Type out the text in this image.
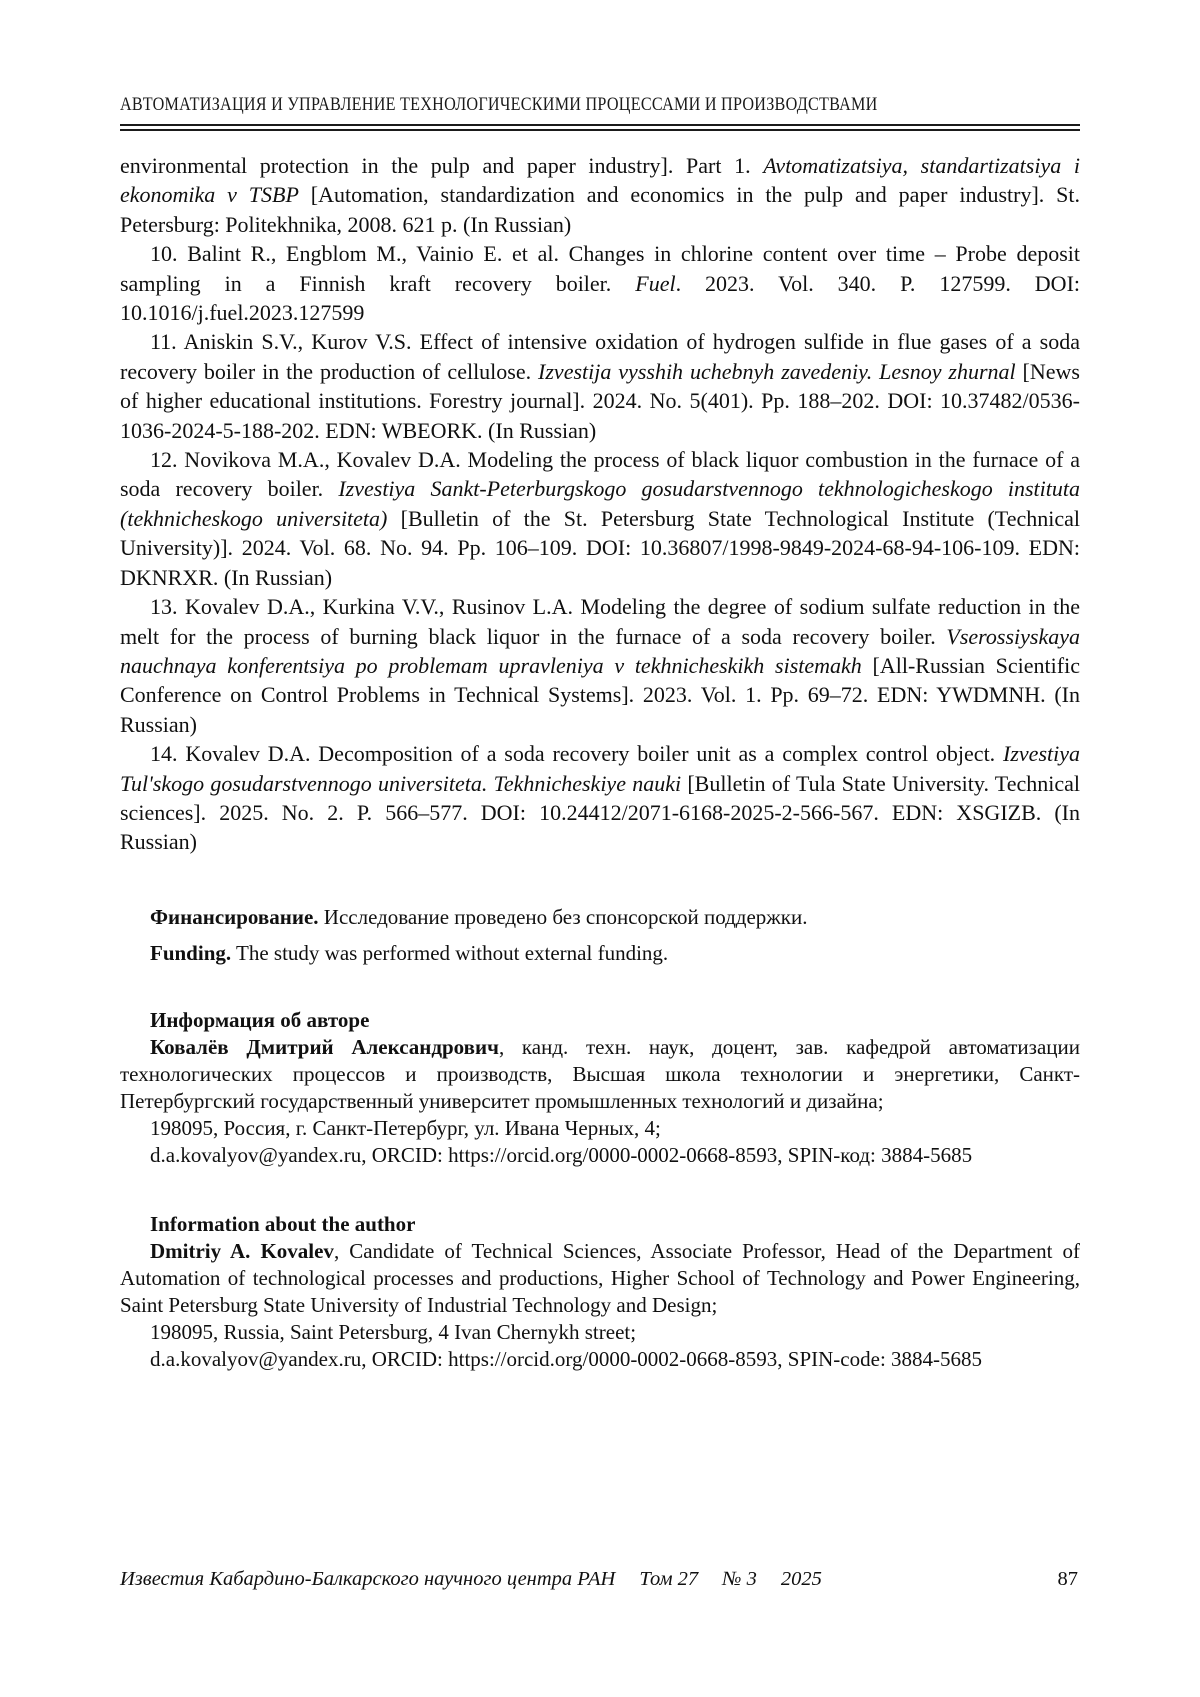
АВТОМАТИЗАЦИЯ И УПРАВЛЕНИЕ ТЕХНОЛОГИЧЕСКИМИ ПРОЦЕССАМИ И ПРОИЗВОДСТВАМИ

environmental protection in the pulp and paper industry]. Part 1. Avtomatizatsiya, standartizatsiya i ekonomika v TSBP [Automation, standardization and economics in the pulp and paper industry]. St. Petersburg: Politekhnika, 2008. 621 p. (In Russian)

10. Balint R., Engblom M., Vainio E. et al. Changes in chlorine content over time – Probe deposit sampling in a Finnish kraft recovery boiler. Fuel. 2023. Vol. 340. P. 127599. DOI: 10.1016/j.fuel.2023.127599

11. Aniskin S.V., Kurov V.S. Effect of intensive oxidation of hydrogen sulfide in flue gases of a soda recovery boiler in the production of cellulose. Izvestija vysshih uchebnyh zavedeniy. Lesnoy zhurnal [News of higher educational institutions. Forestry journal]. 2024. No. 5(401). Pp. 188–202. DOI: 10.37482/0536-1036-2024-5-188-202. EDN: WBEORK. (In Russian)

12. Novikova M.A., Kovalev D.A. Modeling the process of black liquor combustion in the furnace of a soda recovery boiler. Izvestiya Sankt-Peterburgskogo gosudarstvennogo tekhnologicheskogo instituta (tekhnicheskogo universiteta) [Bulletin of the St. Petersburg State Technological Institute (Technical University)]. 2024. Vol. 68. No. 94. Pp. 106–109. DOI: 10.36807/1998-9849-2024-68-94-106-109. EDN: DKNRXR. (In Russian)

13. Kovalev D.A., Kurkina V.V., Rusinov L.A. Modeling the degree of sodium sulfate reduction in the melt for the process of burning black liquor in the furnace of a soda recovery boiler. Vserossiyskaya nauchnaya konferentsiya po problemam upravleniya v tekhnicheskikh sistemakh [All-Russian Scientific Conference on Control Problems in Technical Systems]. 2023. Vol. 1. Pp. 69–72. EDN: YWDMNH. (In Russian)

14. Kovalev D.A. Decomposition of a soda recovery boiler unit as a complex control object. Izvestiya Tul'skogo gosudarstvennogo universiteta. Tekhnicheskiye nauki [Bulletin of Tula State University. Technical sciences]. 2025. No. 2. P. 566–577. DOI: 10.24412/2071-6168-2025-2-566-567. EDN: XSGIZB. (In Russian)

Финансирование. Исследование проведено без спонсорской поддержки.

Funding. The study was performed without external funding.

Информация об авторе

Ковалёв Дмитрий Александрович, канд. техн. наук, доцент, зав. кафедрой автоматизации технологических процессов и производств, Высшая школа технологии и энергетики, Санкт-Петербургский государственный университет промышленных технологий и дизайна;

198095, Россия, г. Санкт-Петербург, ул. Ивана Черных, 4;

d.a.kovalyov@yandex.ru, ORCID: https://orcid.org/0000-0002-0668-8593, SPIN-код: 3884-5685

Information about the author

Dmitriy A. Kovalev, Candidate of Technical Sciences, Associate Professor, Head of the Department of Automation of technological processes and productions, Higher School of Technology and Power Engineering, Saint Petersburg State University of Industrial Technology and Design;

198095, Russia, Saint Petersburg, 4 Ivan Chernykh street;

d.a.kovalyov@yandex.ru, ORCID: https://orcid.org/0000-0002-0668-8593, SPIN-code: 3884-5685

Известия Кабардино-Балкарского научного центра РАН Том 27 № 3 2025	87
